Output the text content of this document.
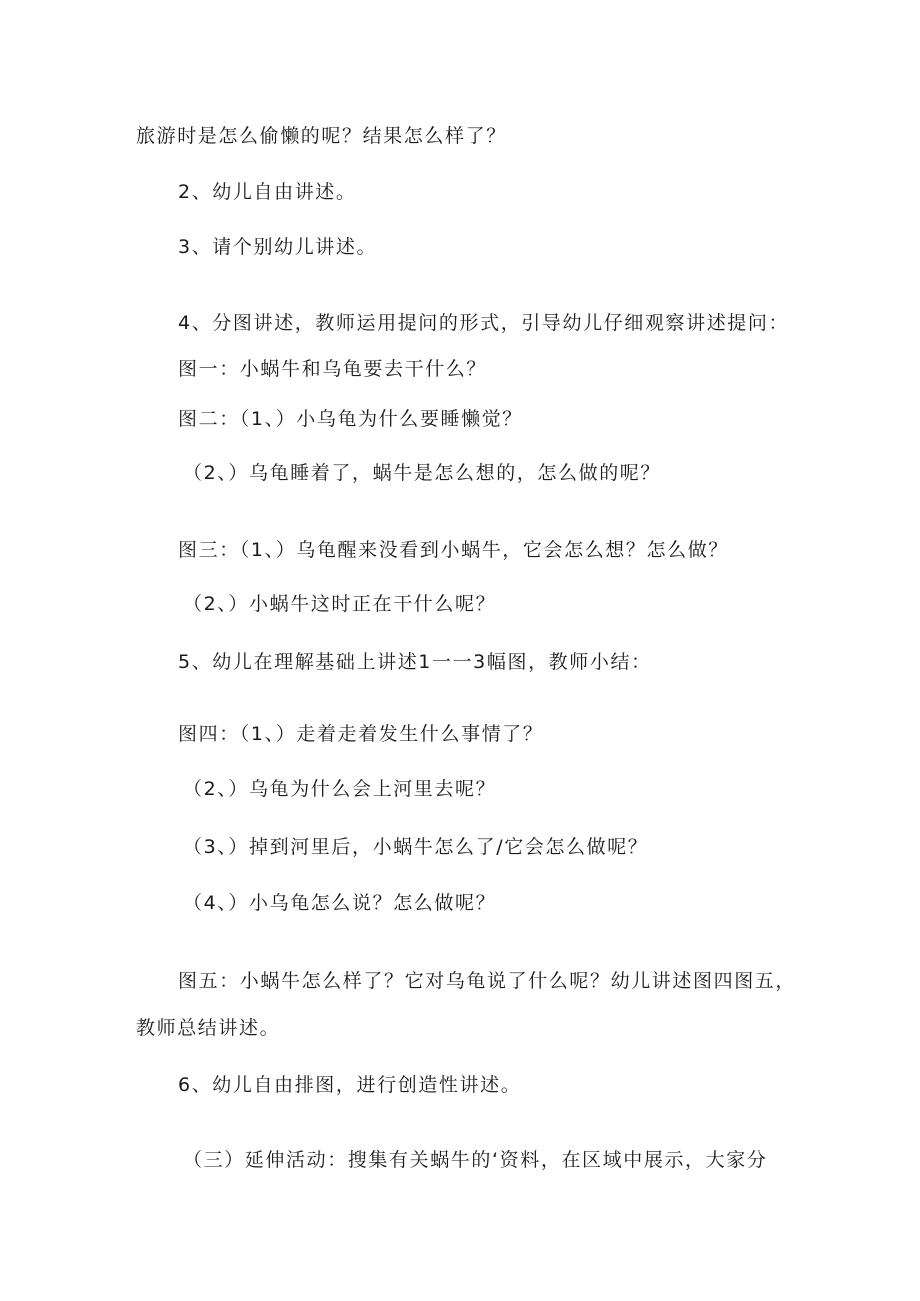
旅游时是怎么偷懒的呢？结果怎么样了？
2、幼儿自由讲述。
3、请个别幼儿讲述。
4、分图讲述，教师运用提问的形式，引导幼儿仔细观察讲述提问：
图一：小蜗牛和乌龟要去干什么？
图二：（1、）小乌龟为什么要睡懒觉？
（2、）乌龟睡着了，蜗牛是怎么想的，怎么做的呢？
图三：（1、）乌龟醒来没看到小蜗牛，它会怎么想？怎么做？
（2、）小蜗牛这时正在干什么呢？
5、幼儿在理解基础上讲述1一一3幅图，教师小结：
图四：（1、）走着走着发生什么事情了？
（2、）乌龟为什么会上河里去呢？
（3、）掉到河里后，小蜗牛怎么了/它会怎么做呢？
（4、）小乌龟怎么说？怎么做呢？
图五：小蜗牛怎么样了？它对乌龟说了什么呢？幼儿讲述图四图五，
教师总结讲述。
6、幼儿自由排图，进行创造性讲述。
（三）延伸活动：搜集有关蜗牛的‘资料，在区域中展示，大家分
